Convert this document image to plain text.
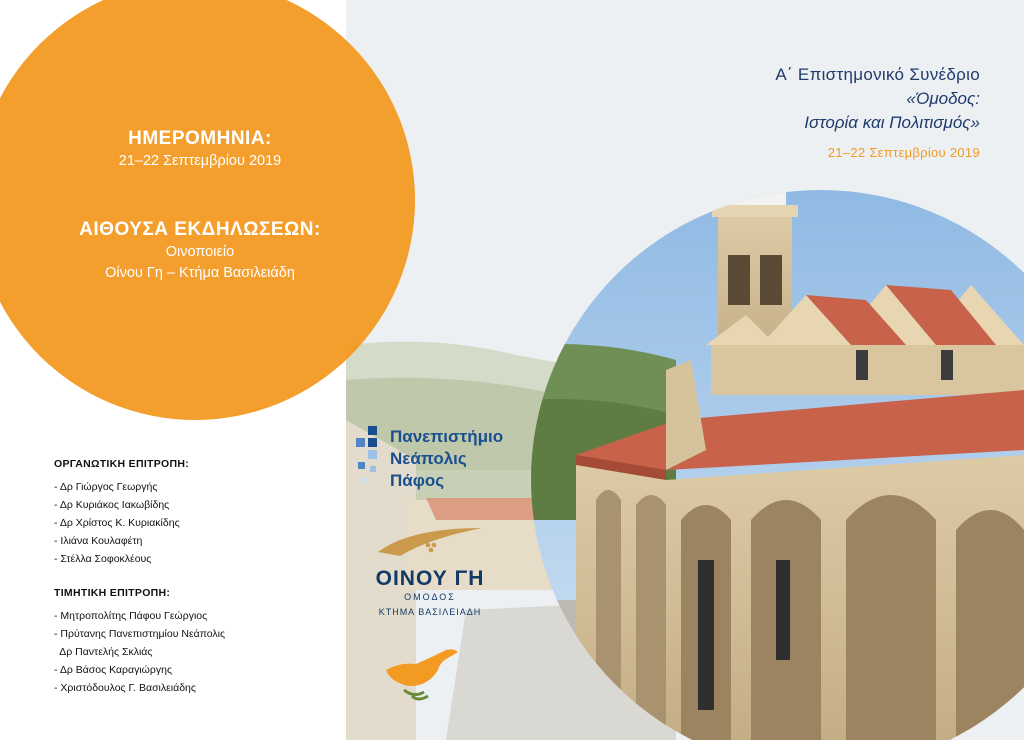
ΗΜΕΡΟΜΗΝΙΑ:
21–22 Σεπτεμβρίου 2019
ΑΙΘΟΥΣΑ ΕΚΔΗΛΩΣΕΩΝ:
Οινοποιείο
Οίνου Γη – Κτήμα Βασιλειάδη
ΟΡΓΑΝΩΤΙΚΗ ΕΠΙΤΡΟΠΗ:
- Δρ Γιώργος Γεωργής
- Δρ Κυριάκος Ιακωβίδης
- Δρ Χρίστος Κ. Κυριακίδης
- Ιλιάνα Κουλαφέτη
- Στέλλα Σοφοκλέους
ΤΙΜΗΤΙΚΗ ΕΠΙΤΡΟΠΗ:
- Μητροπολίτης Πάφου Γεώργιος
- Πρύτανης Πανεπιστημίου Νεάπολις
Δρ Παντελής Σκλιάς
- Δρ Βάσος Καραγιώργης
- Χριστόδουλος Γ. Βασιλειάδης
Α΄ Επιστημονικό Συνέδριο
«Όμοδος:
Ιστορία και Πολιτισμός»
21–22 Σεπτεμβρίου 2019
Πανεπιστήμιο
Νεάπολις
Πάφος
ΟΙΝΟΥ ΓΗ
ΟΜΟΔΟΣ
ΚΤΗΜΑ ΒΑΣΙΛΕΙΑΔΗ
